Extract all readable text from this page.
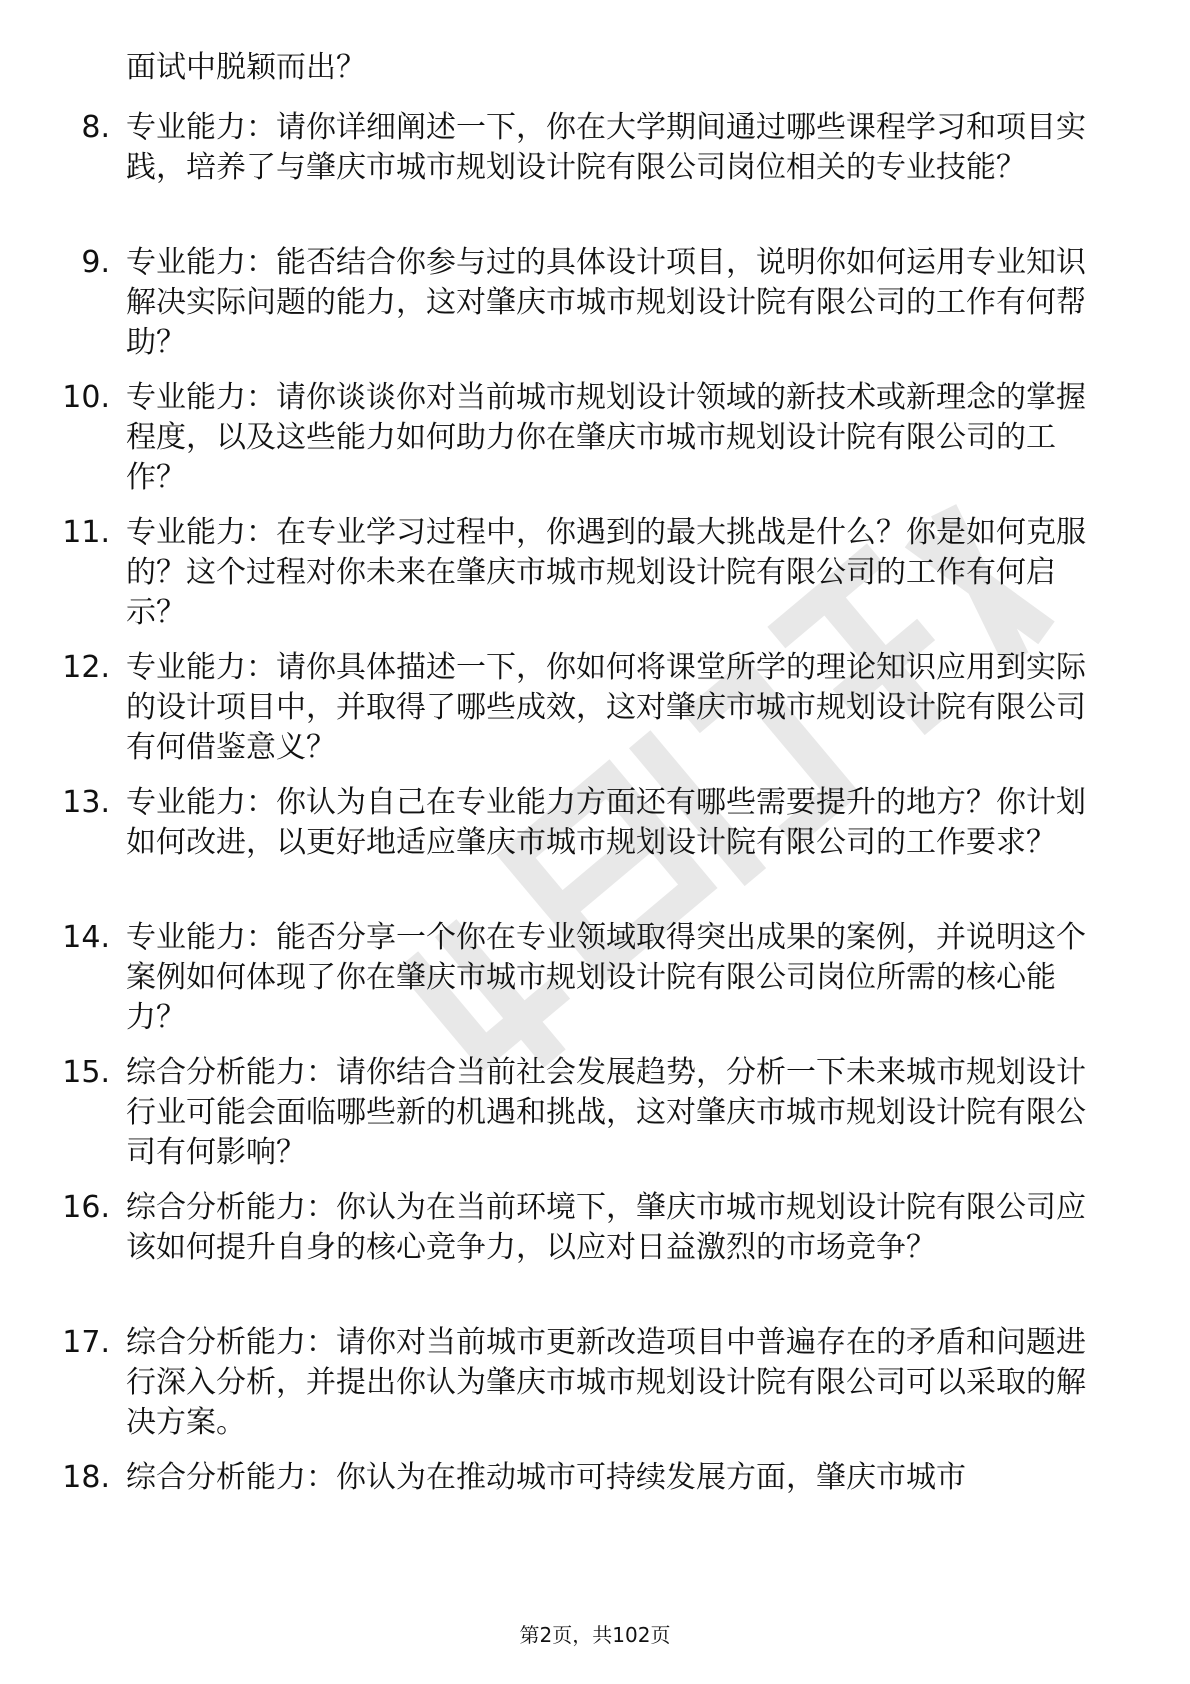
面试中脱颖而出？

8. 专业能力：请你详细阐述一下，你在大学期间通过哪些课程学习和项目实践，培养了与肇庆市城市规划设计院有限公司岗位相关的专业技能？

9. 专业能力：能否结合你参与过的具体设计项目，说明你如何运用专业知识解决实际问题的能力，这对肇庆市城市规划设计院有限公司的工作有何帮助？

10. 专业能力：请你谈谈你对当前城市规划设计领域的新技术或新理念的掌握程度，以及这些能力如何助力你在肇庆市城市规划设计院有限公司的工作？

11. 专业能力：在专业学习过程中，你遇到的最大挑战是什么？你是如何克服的？这个过程对你未来在肇庆市城市规划设计院有限公司的工作有何启示？

12. 专业能力：请你具体描述一下，你如何将课堂所学的理论知识应用到实际的设计项目中，并取得了哪些成效，这对肇庆市城市规划设计院有限公司有何借鉴意义？

13. 专业能力：你认为自己在专业能力方面还有哪些需要提升的地方？你计划如何改进，以更好地适应肇庆市城市规划设计院有限公司的工作要求？

14. 专业能力：能否分享一个你在专业领域取得突出成果的案例，并说明这个案例如何体现了你在肇庆市城市规划设计院有限公司岗位所需的核心能力？

15. 综合分析能力：请你结合当前社会发展趋势，分析一下未来城市规划设计行业可能会面临哪些新的机遇和挑战，这对肇庆市城市规划设计院有限公司有何影响？

16. 综合分析能力：你认为在当前环境下，肇庆市城市规划设计院有限公司应该如何提升自身的核心竞争力，以应对日益激烈的市场竞争？

17. 综合分析能力：请你对当前城市更新改造项目中普遍存在的矛盾和问题进行深入分析，并提出你认为肇庆市城市规划设计院有限公司可以采取的解决方案。

18. 综合分析能力：你认为在推动城市可持续发展方面，肇庆市城市

第2页，共102页
